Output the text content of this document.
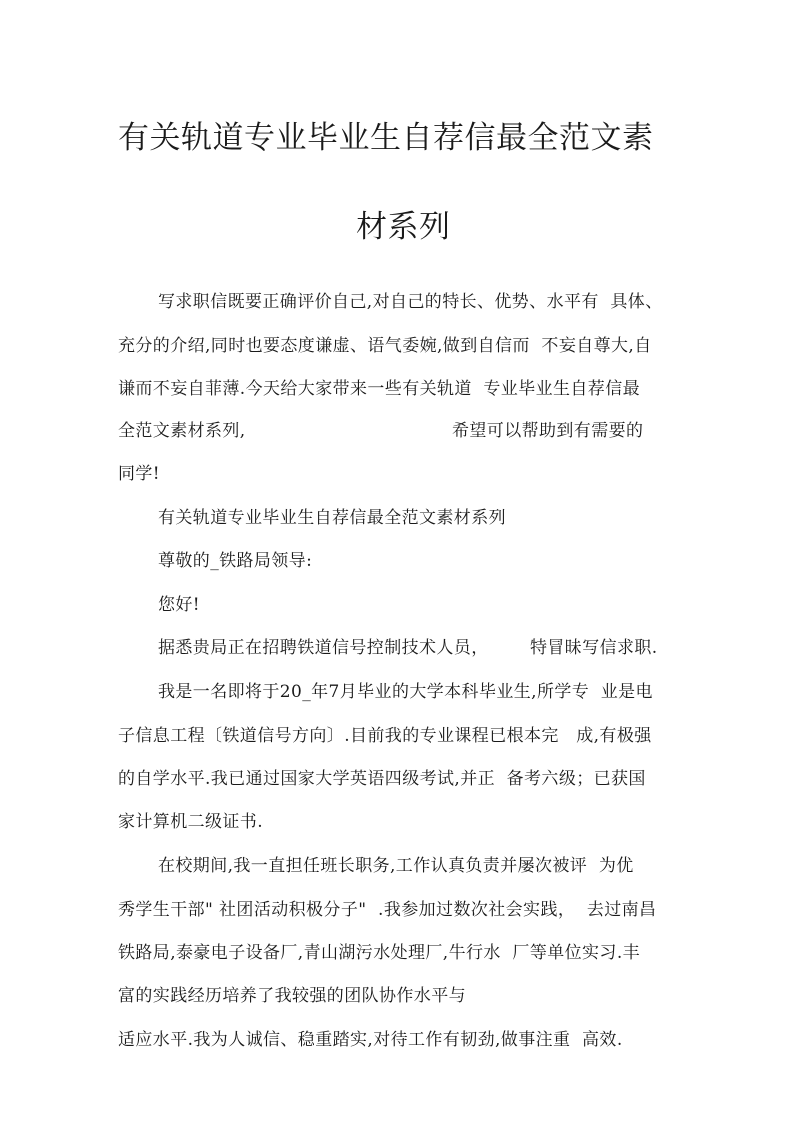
有关轨道专业毕业生自荐信最全范文素
材系列
写求职信既要正确评价自己,对自己的特长、优势、水平有  具体、
充分的介绍,同时也要态度谦虚、语气委婉,做到自信而  不妄自尊大,自
谦而不妄自菲薄.今天给大家带来一些有关轨道  专业毕业生自荐信最
全范文素材系列,	希望可以帮助到有需要的
同学!
有关轨道专业毕业生自荐信最全范文素材系列
尊敬的_铁路局领导:
您好!
据悉贵局正在招聘铁道信号控制技术人员， 特冒昧写信求职.
我是一名即将于20_年7月毕业的大学本科毕业生,所学专  业是电
子信息工程〔铁道信号方向〕.目前我的专业课程已根本完   成,有极强
的自学水平.我已通过国家大学英语四级考试,并正  备考六级；已获国
家计算机二级证书.
在校期间,我一直担任班长职务,工作认真负责并屡次被评  为优
秀学生干部" 社团活动积极分子"  .我参加过数次社会实践，  去过南昌
铁路局,泰豪电子设备厂,青山湖污水处理厂,牛行水  厂等单位实习.丰
富的实践经历培养了我较强的团队协作水平与
适应水平.我为人诚信、稳重踏实,对待工作有韧劲,做事注重  高效.
